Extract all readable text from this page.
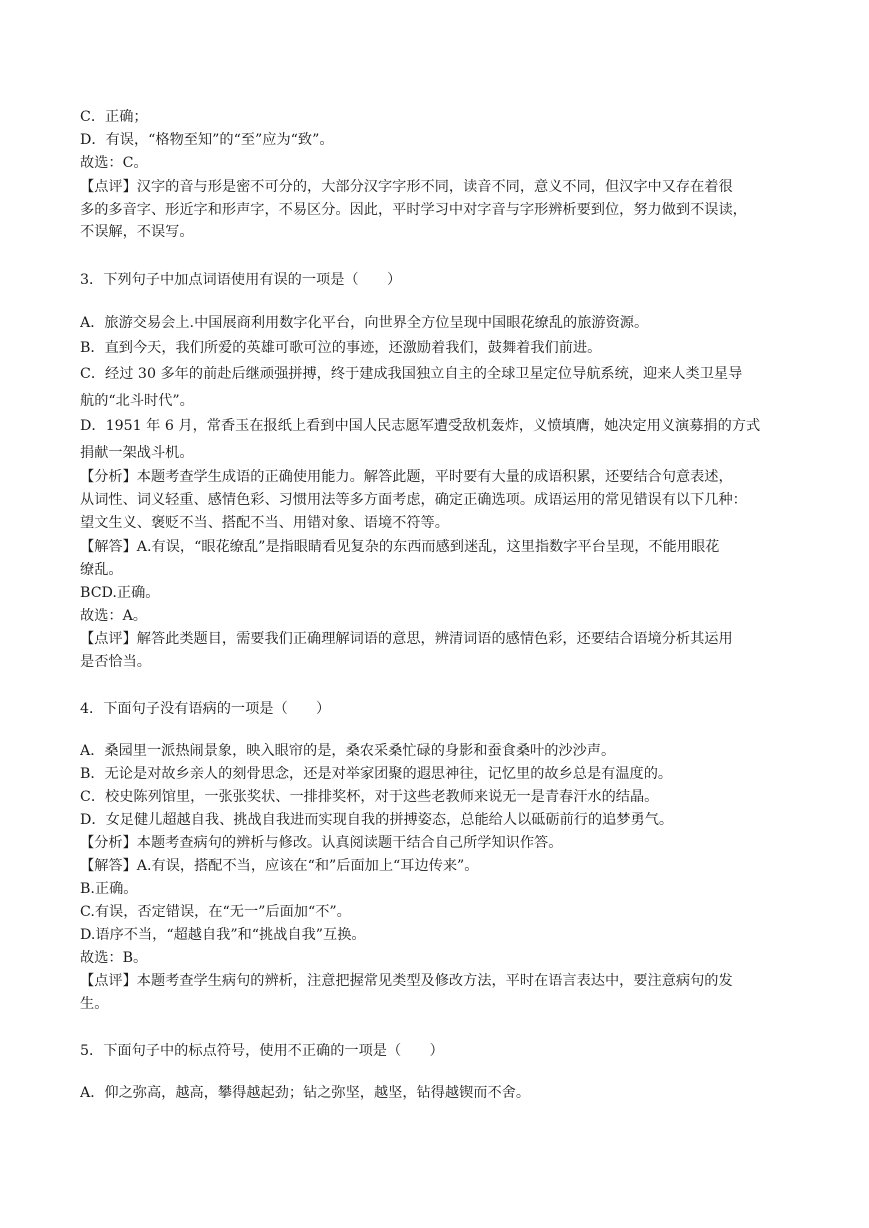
C．正确；
D．有误，“格物至知”的“至”应为“致”。
故选：C。
【点评】汉字的音与形是密不可分的，大部分汉字字形不同，读音不同，意义不同，但汉字中又存在着很
多的多音字、形近字和形声字，不易区分。因此，平时学习中对字音与字形辨析要到位，努力做到不误读，
不误解，不误写。
3．下列句子中加点词语使用有误的一项是（　　）
A．旅游交易会上.中国展商利用数字化平台，向世界全方位呈现中国眼花缭乱的旅游资源。
B．直到今天，我们所爱的英雄可歌可泣的事迹，还激励着我们，鼓舞着我们前进。
C．经过 30 多年的前赴后继顽强拼搏，终于建成我国独立自主的全球卫星定位导航系统，迎来人类卫星导
航的“北斗时代”。
D．1951 年 6 月，常香玉在报纸上看到中国人民志愿军遭受敌机轰炸，义愤填膺，她决定用义演募捐的方式
捐献一架战斗机。
【分析】本题考查学生成语的正确使用能力。解答此题，平时要有大量的成语积累，还要结合句意表述，
从词性、词义轻重、感情色彩、习惯用法等多方面考虑，确定正确选项。成语运用的常见错误有以下几种：
望文生义、褒贬不当、搭配不当、用错对象、语境不符等。
【解答】A.有误，“眼花缭乱”是指眼睛看见复杂的东西而感到迷乱，这里指数字平台呈现，不能用眼花
缭乱。
BCD.正确。
故选：A。
【点评】解答此类题目，需要我们正确理解词语的意思，辨清词语的感情色彩，还要结合语境分析其运用
是否恰当。
4．下面句子没有语病的一项是（　　）
A．桑园里一派热闹景象，映入眼帘的是，桑农采桑忙碌的身影和蚕食桑叶的沙沙声。
B．无论是对故乡亲人的刻骨思念，还是对举家团聚的遐思神往，记忆里的故乡总是有温度的。
C．校史陈列馆里，一张张奖状、一排排奖杯，对于这些老教师来说无一是青春汗水的结晶。
D．女足健儿超越自我、挑战自我进而实现自我的拼搏姿态，总能给人以砥砺前行的追梦勇气。
【分析】本题考查病句的辨析与修改。认真阅读题干结合自己所学知识作答。
【解答】A.有误，搭配不当，应该在“和”后面加上“耳边传来”。
B.正确。
C.有误，否定错误，在“无一”后面加“不”。
D.语序不当，“超越自我”和“挑战自我”互换。
故选：B。
【点评】本题考查学生病句的辨析，注意把握常见类型及修改方法，平时在语言表达中，要注意病句的发
生。
5．下面句子中的标点符号，使用不正确的一项是（　　）
A．仰之弥高，越高，攀得越起劲；钻之弥坚，越坚，钻得越锲而不舍。
